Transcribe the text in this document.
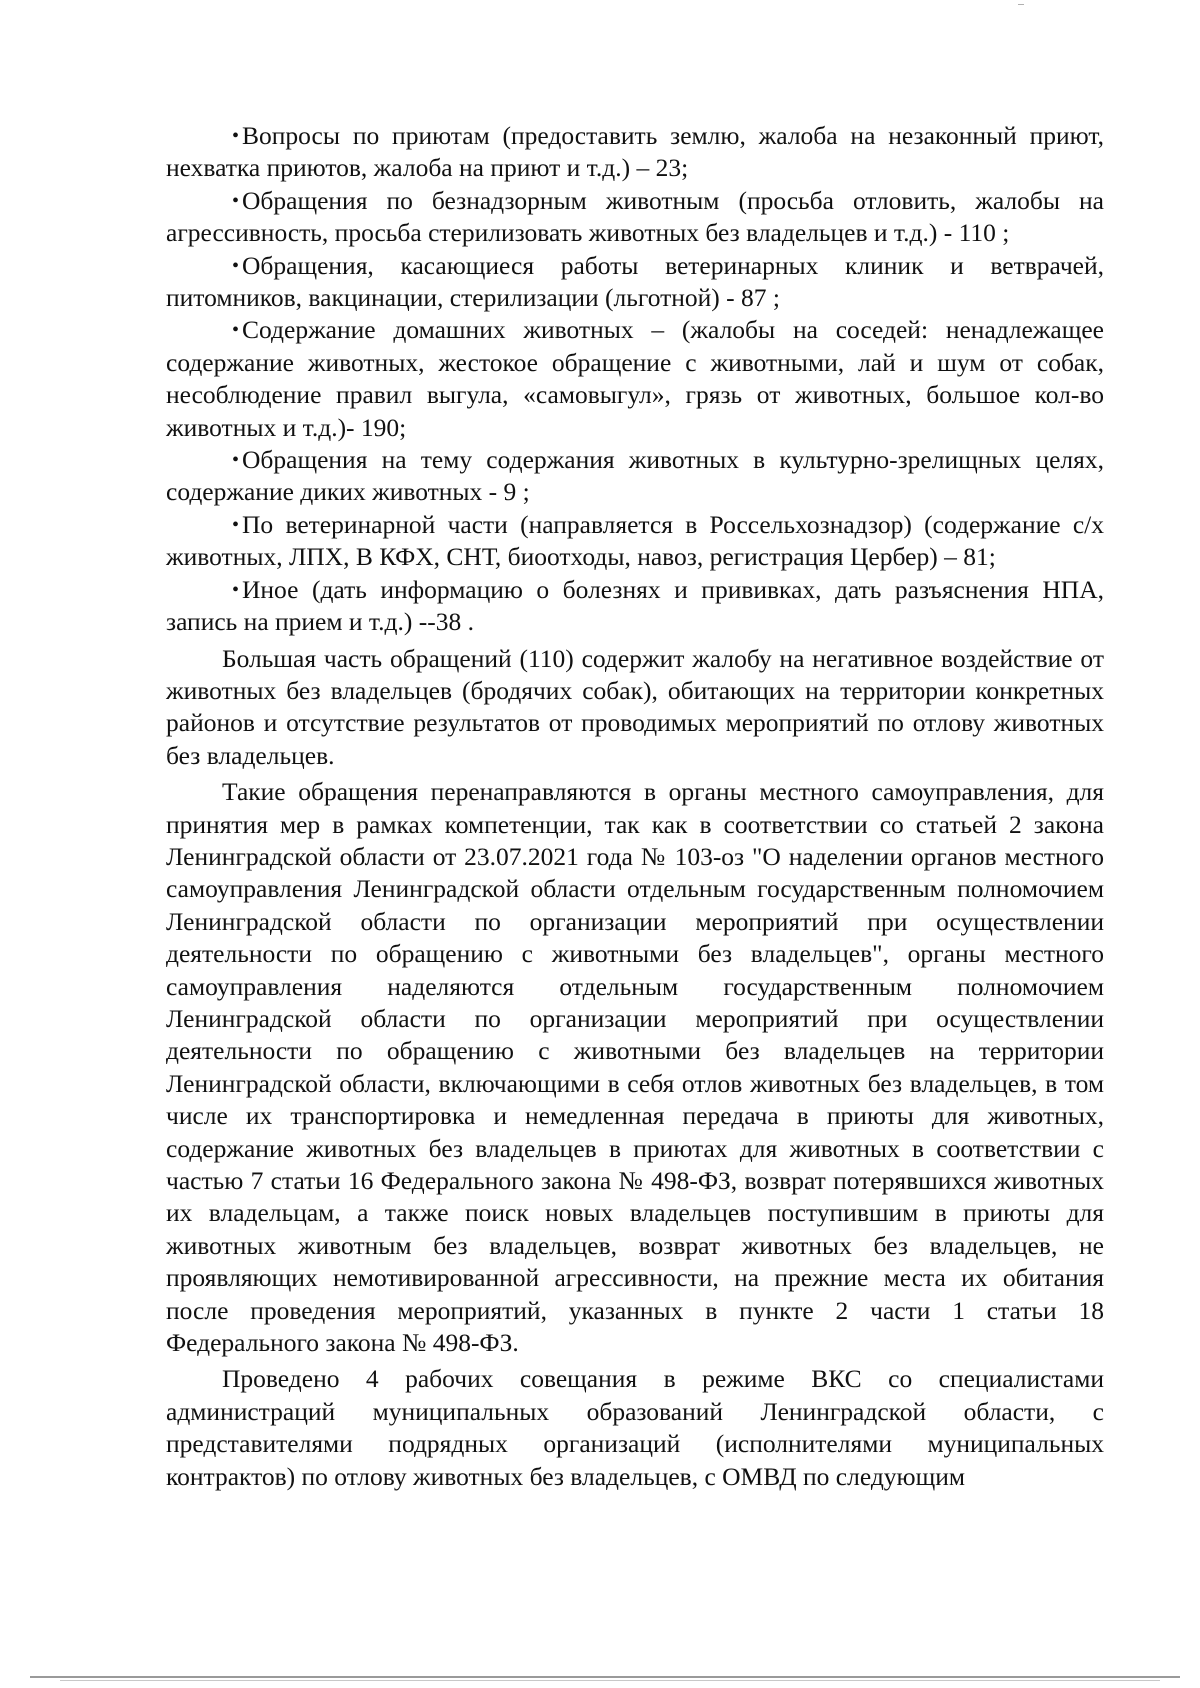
• Вопросы по приютам (предоставить землю, жалоба на незаконный приют, нехватка приютов, жалоба на приют и т.д.) – 23;

• Обращения по безнадзорным животным (просьба отловить, жалобы на агрессивность, просьба стерилизовать животных без владельцев и т.д.) - 110 ;

• Обращения, касающиеся работы ветеринарных клиник и ветврачей, питомников, вакцинации, стерилизации (льготной) - 87 ;

• Содержание домашних животных – (жалобы на соседей: ненадлежащее содержание животных, жестокое обращение с животными, лай и шум от собак, несоблюдение правил выгула, «самовыгул», грязь от животных, большое кол-во животных и т.д.)- 190;

• Обращения на тему содержания животных в культурно-зрелищных целях, содержание диких животных - 9 ;

• По ветеринарной части (направляется в Россельхознадзор) (содержание с/х животных, ЛПХ, В КФХ, СНТ, биоотходы, навоз, регистрация Цербер) – 81;

• Иное (дать информацию о болезнях и прививках, дать разъяснения НПА, запись на прием и т.д.) --38 .

Большая часть обращений (110) содержит жалобу на негативное воздействие от животных без владельцев (бродячих собак), обитающих на территории конкретных районов и отсутствие результатов от проводимых мероприятий по отлову животных без владельцев.

Такие обращения перенаправляются в органы местного самоуправления, для принятия мер в рамках компетенции, так как в соответствии со статьей 2 закона Ленинградской области от 23.07.2021 года № 103-оз "О наделении органов местного самоуправления Ленинградской области отдельным государственным полномочием Ленинградской области по организации мероприятий при осуществлении деятельности по обращению с животными без владельцев", органы местного самоуправления наделяются отдельным государственным полномочием Ленинградской области по организации мероприятий при осуществлении деятельности по обращению с животными без владельцев на территории Ленинградской области, включающими в себя отлов животных без владельцев, в том числе их транспортировка и немедленная передача в приюты для животных, содержание животных без владельцев в приютах для животных в соответствии с частью 7 статьи 16 Федерального закона № 498-ФЗ, возврат потерявшихся животных их владельцам, а также поиск новых владельцев поступившим в приюты для животных животным без владельцев, возврат животных без владельцев, не проявляющих немотивированной агрессивности, на прежние места их обитания после проведения мероприятий, указанных в пункте 2 части 1 статьи 18 Федерального закона № 498-ФЗ.

Проведено 4 рабочих совещания в режиме ВКС со специалистами администраций муниципальных образований Ленинградской области, с представителями подрядных организаций (исполнителями муниципальных контрактов) по отлову животных без владельцев, с ОМВД по следующим
